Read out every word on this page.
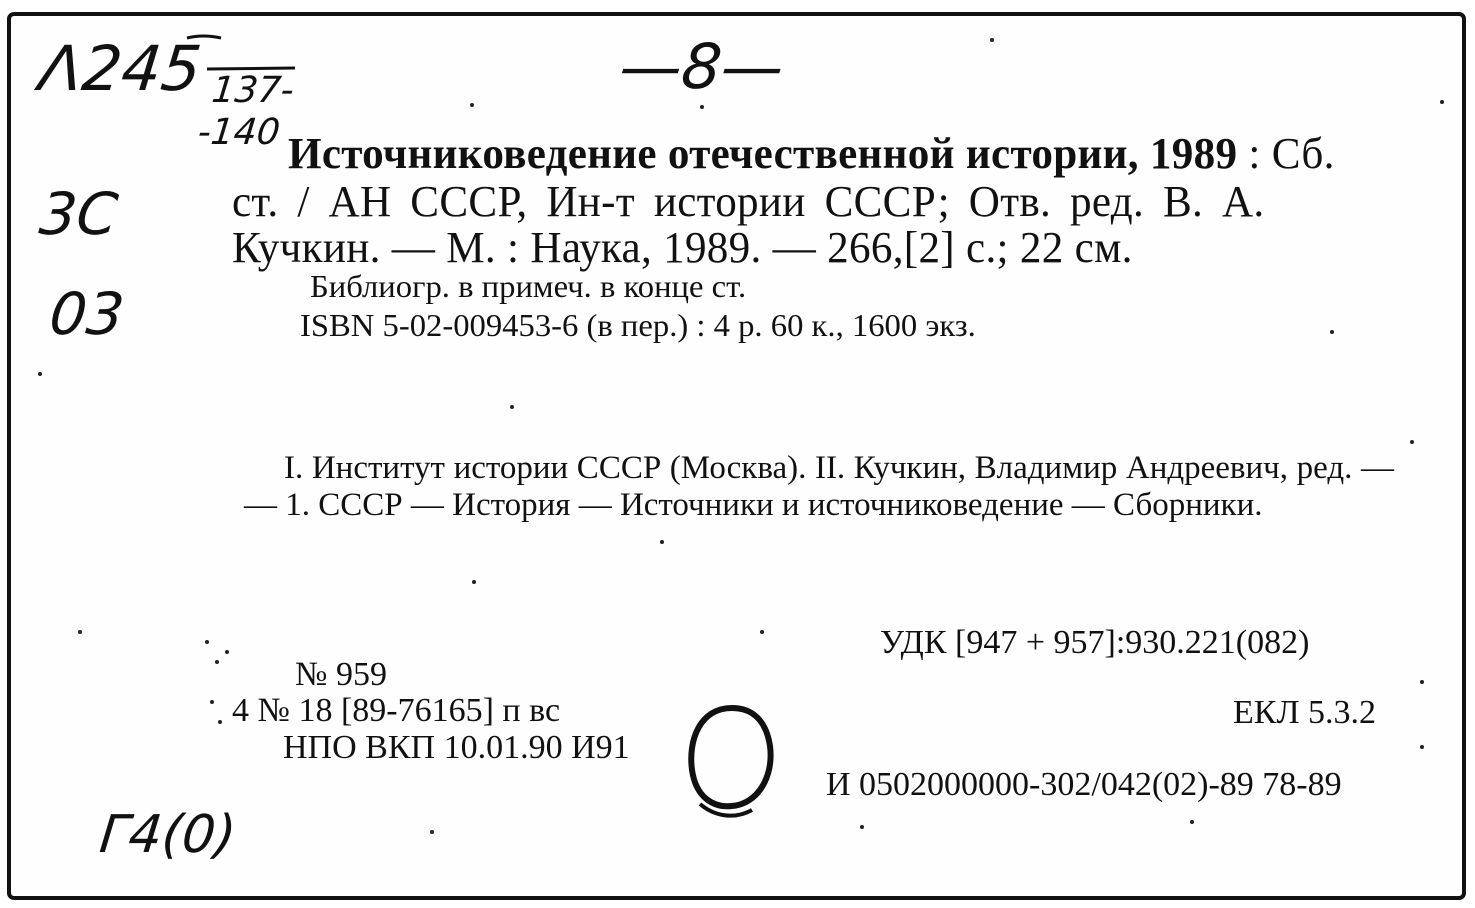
Λ245 137-
-140
—8—
3С
03
Г4(0)
Источниковедение отечественной истории, 1989 : Сб.
ст. / АН СССР, Ин-т истории СССР; Отв. ред. В. А.
Кучкин. — М. : Наука, 1989. — 266,[2] с.; 22 см.
Библиогр. в примеч. в конце ст.
ISBN 5-02-009453-6 (в пер.) : 4 р. 60 к., 1600 экз.
I. Институт истории СССР (Москва). II. Кучкин, Владимир Андреевич, ред. — — 1. СССР — История — Источники и источниковедение — Сборники.
№ 959
4 № 18 [89-76165] п вс
НПО ВКП 10.01.90 И91
УДК [947 + 957]:930.221(082)
ЕКЛ 5.3.2
И 0502000000-302/042(02)-89 78-89
